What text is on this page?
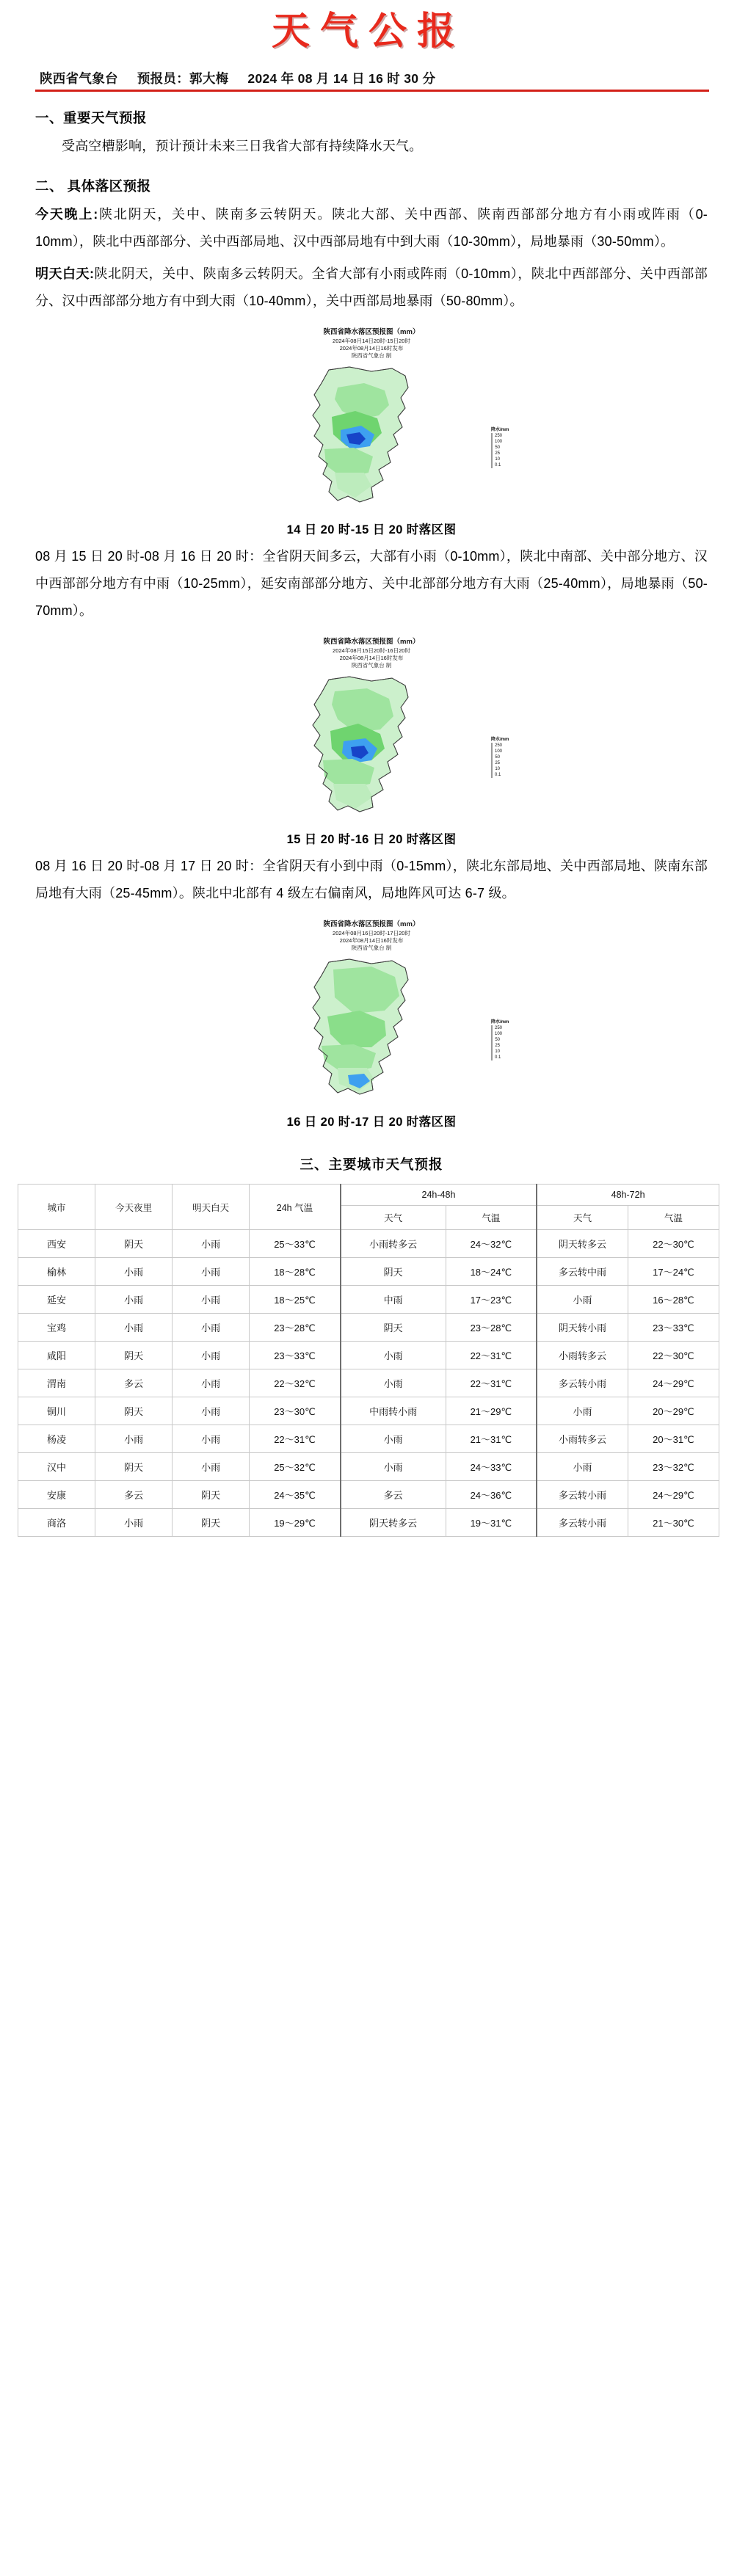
天气公报
陕西省气象台 预报员：郭大梅 2024 年 08 月 14 日 16 时 30 分
一、重要天气预报

受高空槽影响，预计预计未来三日我省大部有持续降水天气。

二、 具体落区预报

今天晚上:陕北阴天，关中、陕南多云转阴天。陕北大部、关中西部、陕南西部部分地方有小雨或阵雨（0-10mm），陕北中西部部分、关中西部局地、汉中西部局地有中到大雨（10-30mm），局地暴雨（30-50mm）。

明天白天:陕北阴天，关中、陕南多云转阴天。全省大部有小雨或阵雨（0-10mm），陕北中西部部分、关中西部部分、汉中西部部分地方有中到大雨（10-40mm），关中西部局地暴雨（50-80mm）。

陕西省降水落区预报图（mm）
2024年08月14日20时-15日20时
2024年08月14日16时发布
陕西省气象台 制
降水/mm
250
100
50
25
10
0.1
14 日 20 时-15 日 20 时落区图

08 月 15 日 20 时-08 月 16 日 20 时：全省阴天间多云，大部有小雨（0-10mm），陕北中南部、关中部分地方、汉中西部部分地方有中雨（10-25mm），延安南部部分地方、关中北部部分地方有大雨（25-40mm），局地暴雨（50-70mm）。

陕西省降水落区预报图（mm）
2024年08月15日20时-16日20时
2024年08月14日16时发布
陕西省气象台 制
降水/mm
250
100
50
25
10
0.1
15 日 20 时-16 日 20 时落区图

08 月 16 日 20 时-08 月 17 日 20 时：全省阴天有小到中雨（0-15mm），陕北东部局地、关中西部局地、陕南东部局地有大雨（25-45mm）。陕北中北部有 4 级左右偏南风，局地阵风可达 6-7 级。

陕西省降水落区预报图（mm）
2024年08月16日20时-17日20时
2024年08月14日16时发布
陕西省气象台 制
降水/mm
250
100
50
25
10
0.1
16 日 20 时-17 日 20 时落区图
三、主要城市天气预报
城市	今天夜里	明天白天	24h 气温	24h-48h		48h-72h	
				天气	气温	天气	气温
西安	阴天	小雨	25～33℃	小雨转多云	24～32℃	阴天转多云	22～30℃
榆林	小雨	小雨	18～28℃	阴天	18～24℃	多云转中雨	17～24℃
延安	小雨	小雨	18～25℃	中雨	17～23℃	小雨	16～28℃
宝鸡	小雨	小雨	23～28℃	阴天	23～28℃	阴天转小雨	23～33℃
咸阳	阴天	小雨	23～33℃	小雨	22～31℃	小雨转多云	22～30℃
渭南	多云	小雨	22～32℃	小雨	22～31℃	多云转小雨	24～29℃
铜川	阴天	小雨	23～30℃	中雨转小雨	21～29℃	小雨	20～29℃
杨凌	小雨	小雨	22～31℃	小雨	21～31℃	小雨转多云	20～31℃
汉中	阴天	小雨	25～32℃	小雨	24～33℃	小雨	23～32℃
安康	多云	阴天	24～35℃	多云	24～36℃	多云转小雨	24～29℃
商洛	小雨	阴天	19～29℃	阴天转多云	19～31℃	多云转小雨	21～30℃
